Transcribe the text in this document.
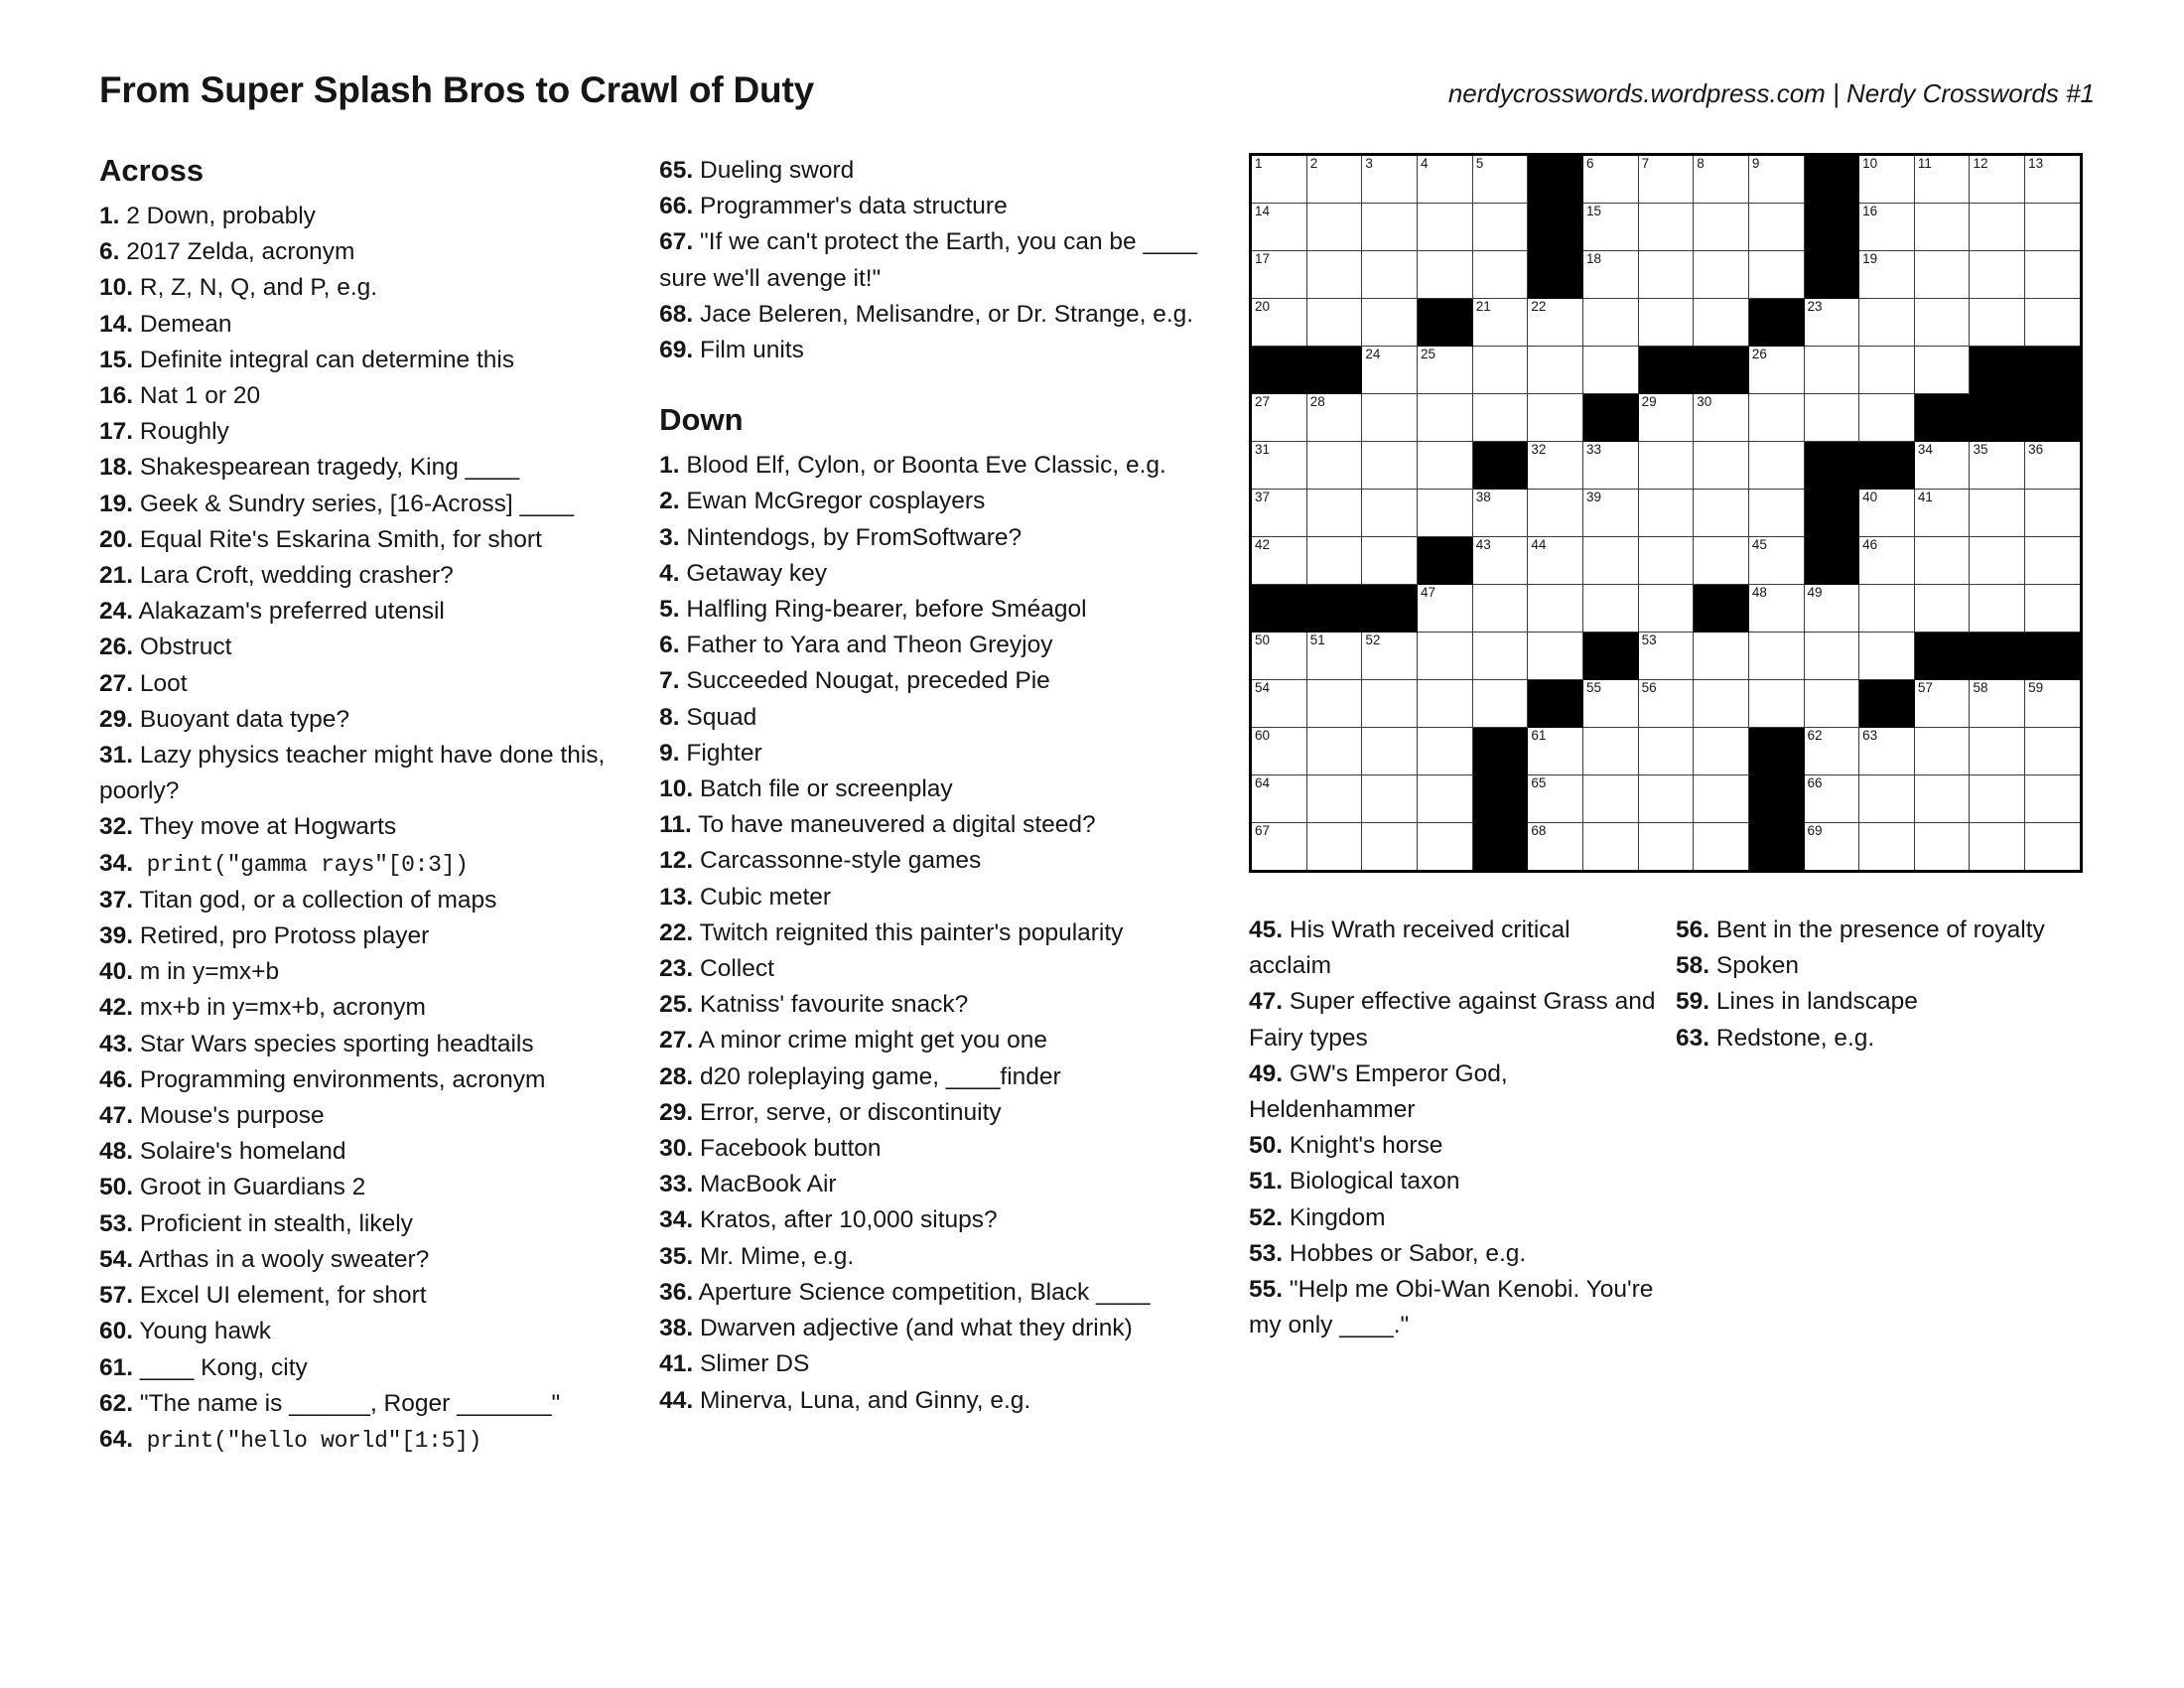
From Super Splash Bros to Crawl of Duty	nerdycrosswords.wordpress.com | Nerdy Crosswords #1
Across
1. 2 Down, probably
6. 2017 Zelda, acronym
10. R, Z, N, Q, and P, e.g.
14. Demean
15. Definite integral can determine this
16. Nat 1 or 20
17. Roughly
18. Shakespearean tragedy, King ____
19. Geek & Sundry series, [16-Across] ____
20. Equal Rite's Eskarina Smith, for short
21. Lara Croft, wedding crasher?
24. Alakazam's preferred utensil
26. Obstruct
27. Loot
29. Buoyant data type?
31. Lazy physics teacher might have done this, poorly?
32. They move at Hogwarts
34. print("gamma rays"[0:3])
37. Titan god, or a collection of maps
39. Retired, pro Protoss player
40. m in y=mx+b
42. mx+b in y=mx+b, acronym
43. Star Wars species sporting headtails
46. Programming environments, acronym
47. Mouse's purpose
48. Solaire's homeland
50. Groot in Guardians 2
53. Proficient in stealth, likely
54. Arthas in a wooly sweater?
57. Excel UI element, for short
60. Young hawk
61. ____ Kong, city
62. "The name is ______, Roger _______"
64. print("hello world"[1:5])
65. Dueling sword
66. Programmer's data structure
67. "If we can't protect the Earth, you can be ____ sure we'll avenge it!"
68. Jace Beleren, Melisandre, or Dr. Strange, e.g.
69. Film units
Down
1. Blood Elf, Cylon, or Boonta Eve Classic, e.g.
2. Ewan McGregor cosplayers
3. Nintendogs, by FromSoftware?
4. Getaway key
5. Halfling Ring-bearer, before Sméagol
6. Father to Yara and Theon Greyjoy
7. Succeeded Nougat, preceded Pie
8. Squad
9. Fighter
10. Batch file or screenplay
11. To have maneuvered a digital steed?
12. Carcassonne-style games
13. Cubic meter
22. Twitch reignited this painter's popularity
23. Collect
25. Katniss' favourite snack?
27. A minor crime might get you one
28. d20 roleplaying game, ____finder
29. Error, serve, or discontinuity
30. Facebook button
33. MacBook Air
34. Kratos, after 10,000 situps?
35. Mr. Mime, e.g.
36. Aperture Science competition, Black ____
38. Dwarven adjective (and what they drink)
41. Slimer DS
44. Minerva, Luna, and Ginny, e.g.
1	2	3	4	5		6	7	8	9		10	11	12	13

14						15					16			

17						18					19			

20				21	22					23				

		24	25						26					

27	28						29	30						

31					32	33						34	35	36

37				38		39					40	41		

42				43	44				45		46			

			47						48	49				

50	51	52					53							

54						55	56					57	58	59

60					61					62	63			

64					65					66				

67					68					69				

45. His Wrath received critical acclaim
47. Super effective against Grass and Fairy types
49. GW's Emperor God, Heldenhammer
50. Knight's horse
51. Biological taxon
52. Kingdom
53. Hobbes or Sabor, e.g.
55. "Help me Obi-Wan Kenobi. You're my only ____."
56. Bent in the presence of royalty
58. Spoken
59. Lines in landscape
63. Redstone, e.g.
